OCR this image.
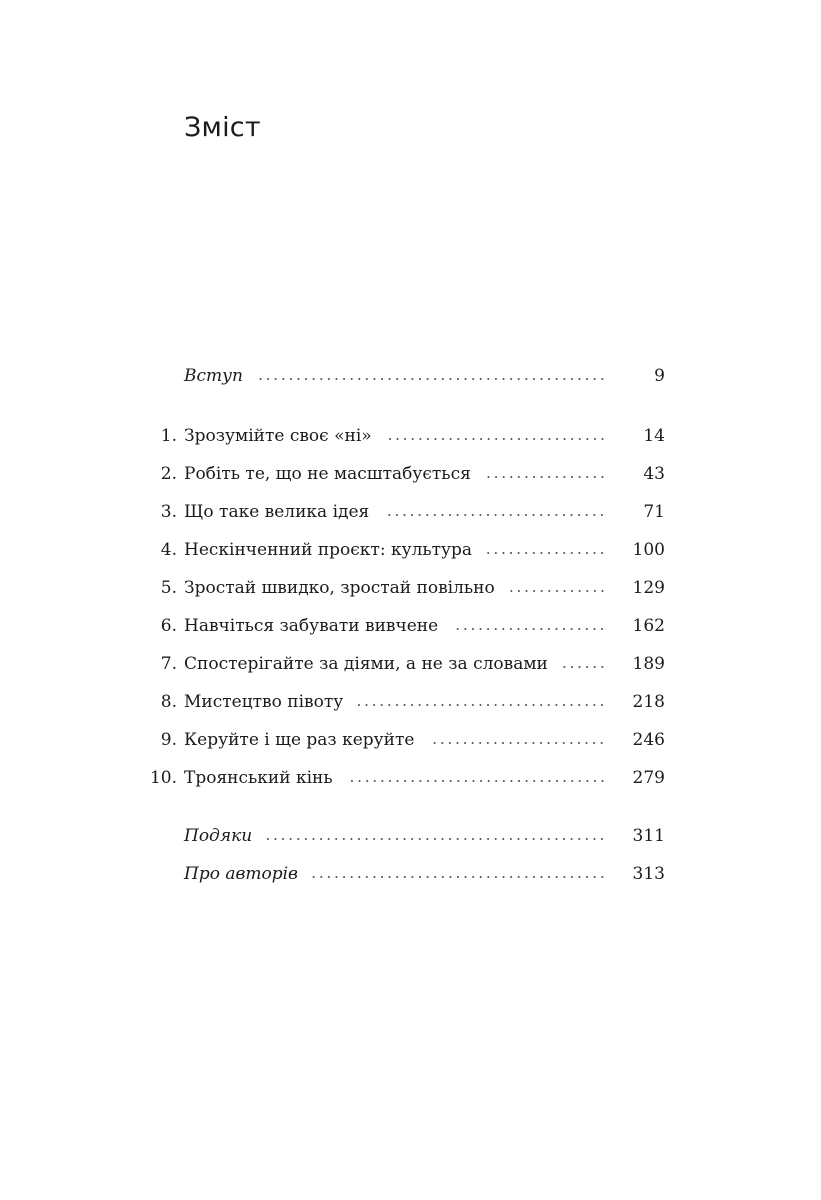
Зміст
Вступ	9
1. Зрозумійте своє «ні»	14
2. Робіть те, що не масштабується	43
3. Що таке велика ідея	71
4. Нескінченний проєкт: культура	100
5. Зростай швидко, зростай повільно	129
6. Навчіться забувати вивчене	162
7. Спостерігайте за діями, а не за словами	189
8. Мистецтво півоту	218
9. Керуйте і ще раз керуйте	246
10. Троянський кінь	279
Подяки	311
Про авторів	313
